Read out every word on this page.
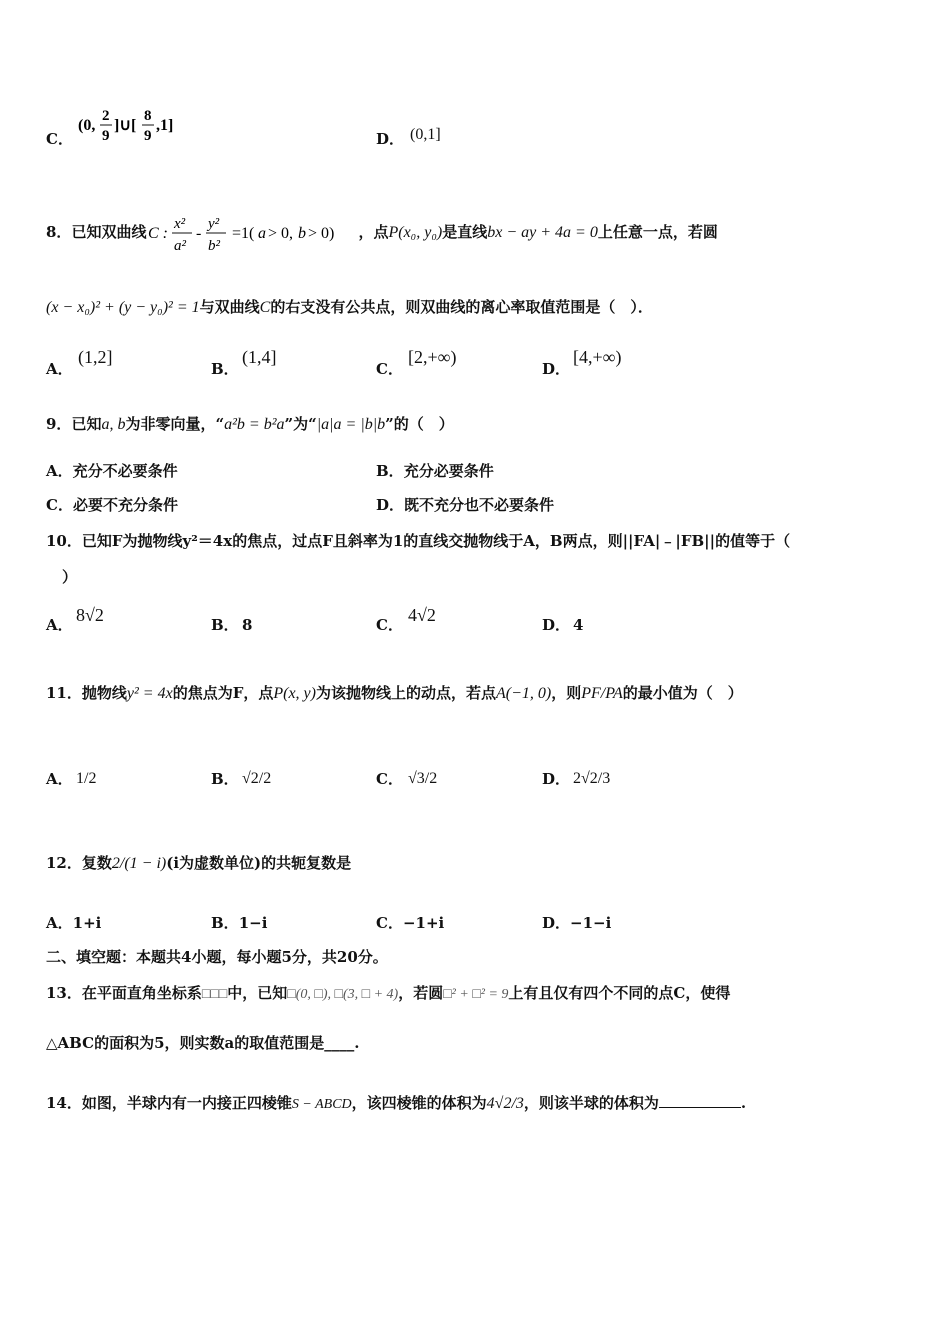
C．
(0,
2
9
]∪[
8
9
,1]
D． (0,1]
8．已知双曲线 C :
x²
a²
-
y²
b²
=1( a > 0, b > 0) ，点P(x₀, y₀)是直线bx − ay + 4a = 0上任意一点，若圆
(x − x₀)² + (y − y₀)² = 1与双曲线C的右支没有公共点，则双曲线的离心率取值范围是（　）．
A．
(1,2]
B．
(1,4]
C．
[2,+∞)
D．
[4,+∞)
9．已知a, b为非零向量，“a²b = b²a”为“|a|a = |b|b”的（　）
A．充分不必要条件	B．充分必要条件
C．必要不充分条件	D．既不充分也不必要条件
10．已知F为抛物线y²＝4x的焦点，过点F且斜率为1的直线交抛物线于A，B两点，则||FA|﹣|FB||的值等于（
）
A． 8√2	B． 8	C． 4√2	D． 4
11．抛物线y² = 4x的焦点为F，点P(x, y)为该抛物线上的动点，若点A(−1, 0)，则PF/PA的最小值为（　）
A． 1/2	B． √2/2	C． √3/2	D． 2√2/3
12．复数2/(1 − i)(i为虚数单位)的共轭复数是
A．1+i	B．1−i	C．−1+i	D．−1−i
二、填空题：本题共4小题，每小题5分，共20分。
13．在平面直角坐标系□□□中，已知□(0, □), □(3, □ + 4)，若圆□² + □² = 9上有且仅有四个不同的点C，使得
△ABC的面积为5，则实数a的取值范围是____.
14．如图，半球内有一内接正四棱锥S − ABCD，该四棱锥的体积为4√2/3，则该半球的体积为	.
